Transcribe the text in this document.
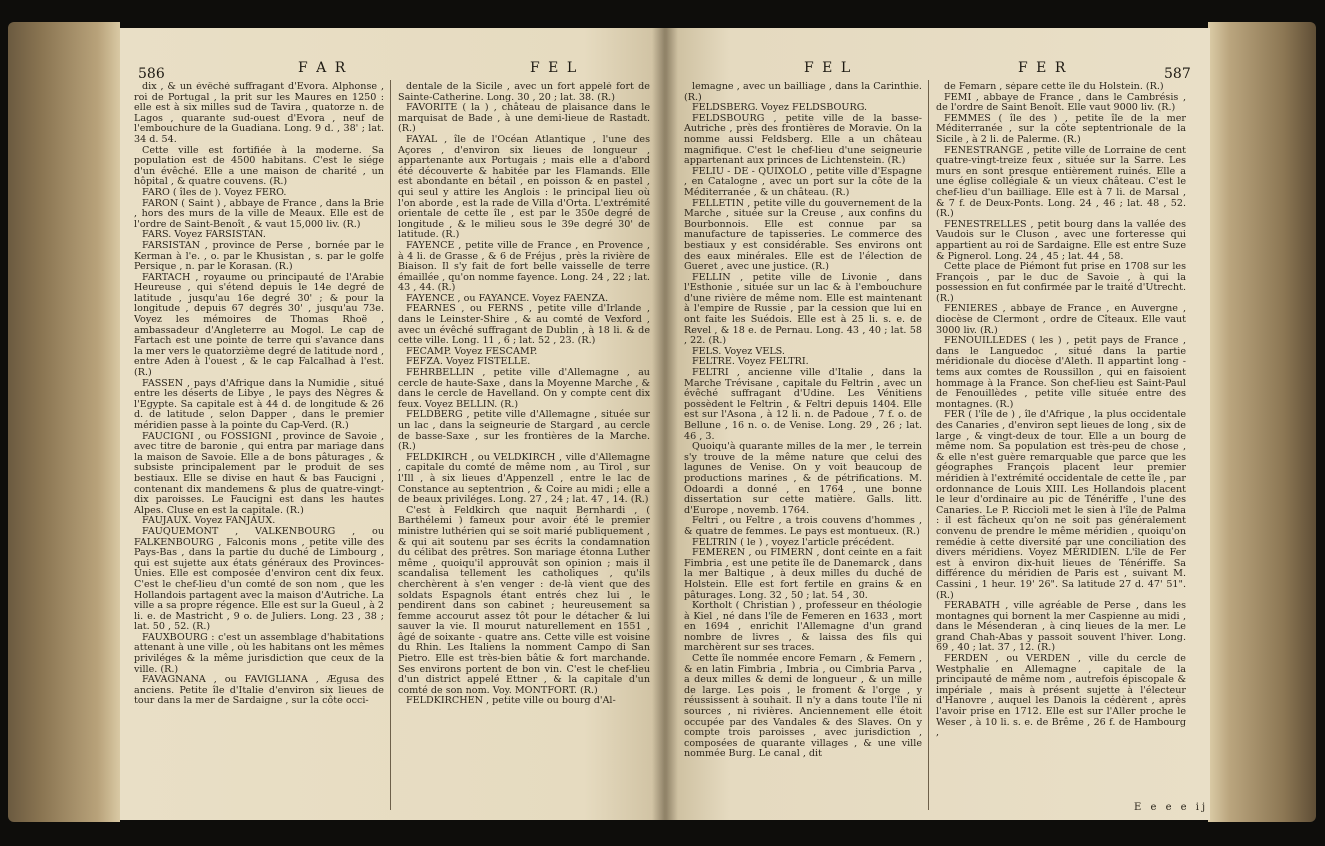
586	F A R	F E L

dix , & un évêché suffragant d'Evora. Alphonse , roi de Portugal , la prit sur les Maures en 1250 : elle est à six milles sud de Tavira , quatorze n. de Lagos , quarante sud-ouest d'Evora , neuf de l'embouchure de la Guadiana. Long. 9 d. , 38' ; lat. 34 d. 54.

Cette ville est fortifiée à la moderne. Sa population est de 4500 habitans. C'est le siége d'un évêché. Elle a une maison de charité , un hôpital , & quatre couvens. (R.)

FARO ( îles de ). Voyez FERO.

FARON ( Saint ) , abbaye de France , dans la Brie , hors des murs de la ville de Meaux. Elle est de l'ordre de Saint-Benoît , & vaut 15,000 liv. (R.)

FARS. Voyez FARSISTAN.

FARSISTAN , province de Perse , bornée par le Kerman à l'e. , o. par le Khusistan , s. par le golfe Persique , n. par le Korasan. (R.)

FARTACH , royaume ou principauté de l'Arabie Heureuse , qui s'étend depuis le 14e degré de latitude , jusqu'au 16e degré 30' ; & pour la longitude , depuis 67 degrés 30' , jusqu'au 73e. Voyez les mémoires de Thomas Rhoë , ambassadeur d'Angleterre au Mogol. Le cap de Fartach est une pointe de terre qui s'avance dans la mer vers le quatorzième degré de latitude nord , entre Aden à l'ouest , & le cap Falcalhad à l'est. (R.)

FASSEN , pays d'Afrique dans la Numidie , situé entre les déserts de Libye , le pays des Nègres & l'Egypte. Sa capitale est à 44 d. de longitude & 26 d. de latitude , selon Dapper , dans le premier méridien passe à la pointe du Cap-Verd. (R.)

FAUCIGNI , ou FOSSIGNI , province de Savoie , avec titre de baronie , qui entra par mariage dans la maison de Savoie. Elle a de bons pâturages , & subsiste principalement par le produit de ses bestiaux. Elle se divise en haut & bas Faucigni , contenant dix mandemens & plus de quatre-vingt-dix paroisses. Le Faucigni est dans les hautes Alpes. Cluse en est la capitale. (R.)

FAUJAUX. Voyez FANJAUX.

FAUQUEMONT , VALKENBOURG , ou FALKENBOURG , Falconis mons , petite ville des Pays-Bas , dans la partie du duché de Limbourg , qui est sujette aux états généraux des Provinces-Unies. Elle est composée d'environ cent dix feux. C'est le chef-lieu d'un comté de son nom , que les Hollandois partagent avec la maison d'Autriche. La ville a sa propre régence. Elle est sur la Gueul , à 2 li. e. de Mastricht , 9 o. de Juliers. Long. 23 , 38 ; lat. 50 , 52. (R.)

FAUXBOURG : c'est un assemblage d'habitations attenant à une ville , où les habitans ont les mêmes priviléges & la même jurisdiction que ceux de la ville. (R.)

FAVAGNANA , ou FAVIGLIANA , Ægusa des anciens. Petite île d'Italie d'environ six lieues de tour dans la mer de Sardaigne , sur la côte occi-

dentale de la Sicile , avec un fort appelé fort de Sainte-Catherine. Long. 30 , 20 ; lat. 38. (R.)

FAVORITE ( la ) , château de plaisance dans le marquisat de Bade , à une demi-lieue de Rastadt. (R.)

FAYAL , île de l'Océan Atlantique , l'une des Açores , d'environ six lieues de longueur , appartenante aux Portugais ; mais elle a d'abord été découverte & habitée par les Flamands. Elle est abondante en bétail , en poisson & en pastel , qui seul y attire les Anglois : le principal lieu où l'on aborde , est la rade de Villa d'Orta. L'extrémité orientale de cette île , est par le 350e degré de longitude , & le milieu sous le 39e degré 30' de latitude. (R.)

FAYENCE , petite ville de France , en Provence , à 4 li. de Grasse , & 6 de Fréjus , près la rivière de Biaison. Il s'y fait de fort belle vaisselle de terre émaillée , qu'on nomme fayence. Long. 24 , 22 ; lat. 43 , 44. (R.)

FAYENCE , ou FAYANCE. Voyez FAENZA.

FEARNES , ou FERNS , petite ville d'Irlande , dans le Leinster-Shire , & au comté de Vexford , avec un évêché suffragant de Dublin , à 18 li. & de cette ville. Long. 11 , 6 ; lat. 52 , 23. (R.)

FECAMP. Voyez FESCAMP.

FEFZA. Voyez FISTELLE.

FEHRBELLIN , petite ville d'Allemagne , au cercle de haute-Saxe , dans la Moyenne Marche , & dans le cercle de Havelland. On y compte cent dix feux. Voyez BELLIN. (R.)

FELDBERG , petite ville d'Allemagne , située sur un lac , dans la seigneurie de Stargard , au cercle de basse-Saxe , sur les frontières de la Marche. (R.)

FELDKIRCH , ou VELDKIRCH , ville d'Allemagne , capitale du comté de même nom , au Tirol , sur l'Ill , à six lieues d'Appenzell , entre le lac de Constance au septentrion , & Coire au midi ; elle a de beaux priviléges. Long. 27 , 24 ; lat. 47 , 14. (R.)

C'est à Feldkirch que naquit Bernhardi , ( Barthélemi ) fameux pour avoir été le premier ministre luthérien qui se soit marié publiquement , & qui ait soutenu par ses écrits la condamnation du célibat des prêtres. Son mariage étonna Luther même , quoiqu'il approuvât son opinion ; mais il scandalisa tellement les catholiques , qu'ils cherchèrent à s'en venger : de-là vient que des soldats Espagnols étant entrés chez lui , le pendirent dans son cabinet ; heureusement sa femme accourut assez tôt pour le détacher & lui sauver la vie. Il mourut naturellement en 1551 , âgé de soixante - quatre ans. Cette ville est voisine du Rhin. Les Italiens la nomment Campo di San Pietro. Elle est très-bien bâtie & fort marchande. Ses environs portent de bon vin. C'est le chef-lieu d'un district appelé Ettner , & la capitale d'un comté de son nom. Voy. MONTFORT. (R.)

FELDKIRCHEN , petite ville ou bourg d'Al-

F E L	F E R	587

lemagne , avec un bailliage , dans la Carinthie. (R.)

FELDSBERG. Voyez FELDSBOURG.

FELDSBOURG , petite ville de la basse-Autriche , près des frontières de Moravie. On la nomme aussi Feldsberg. Elle a un château magnifique. C'est le chef-lieu d'une seigneurie appartenant aux princes de Lichtenstein. (R.)

FELIU - DE - QUIXOLO , petite ville d'Espagne , en Catalogne , avec un port sur la côte de la Méditerranée , & un château. (R.)

FELLETIN , petite ville du gouvernement de la Marche , située sur la Creuse , aux confins du Bourbonnois. Elle est connue par sa manufacture de tapisseries. Le commerce des bestiaux y est considérable. Ses environs ont des eaux minérales. Elle est de l'élection de Gueret , avec une justice. (R.)

FELLIN , petite ville de Livonie , dans l'Esthonie , située sur un lac & à l'embouchure d'une rivière de même nom. Elle est maintenant à l'empire de Russie , par la cession que lui en ont faite les Suédois. Elle est à 25 li. s. e. de Revel , & 18 e. de Pernau. Long. 43 , 40 ; lat. 58 , 22. (R.)

FELS. Voyez VELS.

FELTRE. Voyez FELTRI.

FELTRI , ancienne ville d'Italie , dans la Marche Trévisane , capitale du Feltrin , avec un évêché suffragant d'Udine. Les Vénitiens possèdent le Feltrin , & Feltri depuis 1404. Elle est sur l'Asona , à 12 li. n. de Padoue , 7 f. o. de Bellune , 16 n. o. de Venise. Long. 29 , 26 ; lat. 46 , 3.

Quoiqu'à quarante milles de la mer , le terrein s'y trouve de la même nature que celui des lagunes de Venise. On y voit beaucoup de productions marines , & de pétrifications. M. Odoardi a donné , en 1764 , une bonne dissertation sur cette matière. Galls. litt. d'Europe , novemb. 1764.

Feltri , ou Feltre , a trois couvens d'hommes , & quatre de femmes. Le pays est montueux. (R.)

FELTRIN ( le ) , voyez l'article précédent.

FEMEREN , ou FIMERN , dont ceinte en a fait Fimbria , est une petite île de Danemarck , dans la mer Baltique , à deux milles du duché de Holstein. Elle est fort fertile en grains & en pâturages. Long. 32 , 50 ; lat. 54 , 30.

Kortholt ( Christian ) , professeur en théologie à Kiel , né dans l'île de Femeren en 1633 , mort en 1694 , enrichit l'Allemagne d'un grand nombre de livres , & laissa des fils qui marchèrent sur ses traces.

Cette île nommée encore Femarn , & Femern , & en latin Fimbria , Imbria , ou Cimbria Parva , a deux milles & demi de longueur , & un mille de large. Les pois , le froment & l'orge , y réussissent à souhait. Il n'y a dans toute l'île ni sources , ni rivières. Anciennement elle étoit occupée par des Vandales & des Slaves. On y compte trois paroisses , avec jurisdiction , composées de quarante villages , & une ville nommée Burg. Le canal , dit

de Femarn , sépare cette île du Holstein. (R.)

FEMI , abbaye de France , dans le Cambrésis , de l'ordre de Saint Benoît. Elle vaut 9000 liv. (R.)

FEMMES ( île des ) , petite île de la mer Méditerranée , sur la côte septentrionale de la Sicile , à 2 li. de Palerme. (R.)

FENESTRANGE , petite ville de Lorraine de cent quatre-vingt-treize feux , située sur la Sarre. Les murs en sont presque entièrement ruinés. Elle a une église collégiale & un vieux château. C'est le chef-lieu d'un bailliage. Elle est à 7 li. de Marsal , & 7 f. de Deux-Ponts. Long. 24 , 46 ; lat. 48 , 52. (R.)

FENESTRELLES , petit bourg dans la vallée des Vaudois sur le Cluson , avec une forteresse qui appartient au roi de Sardaigne. Elle est entre Suze & Pignerol. Long. 24 , 45 ; lat. 44 , 58.

Cette place de Piémont fut prise en 1708 sur les François , par le duc de Savoie , à qui la possession en fut confirmée par le traité d'Utrecht. (R.)

FENIERES , abbaye de France , en Auvergne , diocèse de Clermont , ordre de Cîteaux. Elle vaut 3000 liv. (R.)

FENOUILLEDES ( les ) , petit pays de France , dans le Languedoc , situé dans la partie méridionale du diocèse d'Aleth. Il appartint long - tems aux comtes de Roussillon , qui en faisoient hommage à la France. Son chef-lieu est Saint-Paul de Fenouillèdes , petite ville située entre des montagnes. (R.)

FER ( l'île de ) , île d'Afrique , la plus occidentale des Canaries , d'environ sept lieues de long , six de large , & vingt-deux de tour. Elle a un bourg de même nom. Sa population est très-peu de chose , & elle n'est guère remarquable que parce que les géographes François placent leur premier méridien à l'extrémité occidentale de cette île , par ordonnance de Louis XIII. Les Hollandois placent le leur d'ordinaire au pic de Ténériffe , l'une des Canaries. Le P. Riccioli met le sien à l'île de Palma : il est fâcheux qu'on ne soit pas généralement convenu de prendre le même méridien , quoiqu'on remédie à cette diversité par une conciliation des divers méridiens. Voyez MÉRIDIEN. L'île de Fer est à environ dix-huit lieues de Ténériffe. Sa différence du méridien de Paris est , suivant M. Cassini , 1 heur. 19' 26". Sa latitude 27 d. 47' 51". (R.)

FERABATH , ville agréable de Perse , dans les montagnes qui bornent la mer Caspienne au midi , dans le Mésenderan , à cinq lieues de la mer. Le grand Chah-Abas y passoit souvent l'hiver. Long. 69 , 40 ; lat. 37 , 12. (R.)

FERDEN , ou VERDEN , ville du cercle de Westphalie en Allemagne , capitale de la principauté de même nom , autrefois épiscopale & impériale , mais à présent sujette à l'électeur d'Hanovre , auquel les Danois la cédèrent , après l'avoir prise en 1712. Elle est sur l'Aller proche le Weser , à 10 li. s. e. de Brême , 26 f. de Hambourg ,

E e e e ij
